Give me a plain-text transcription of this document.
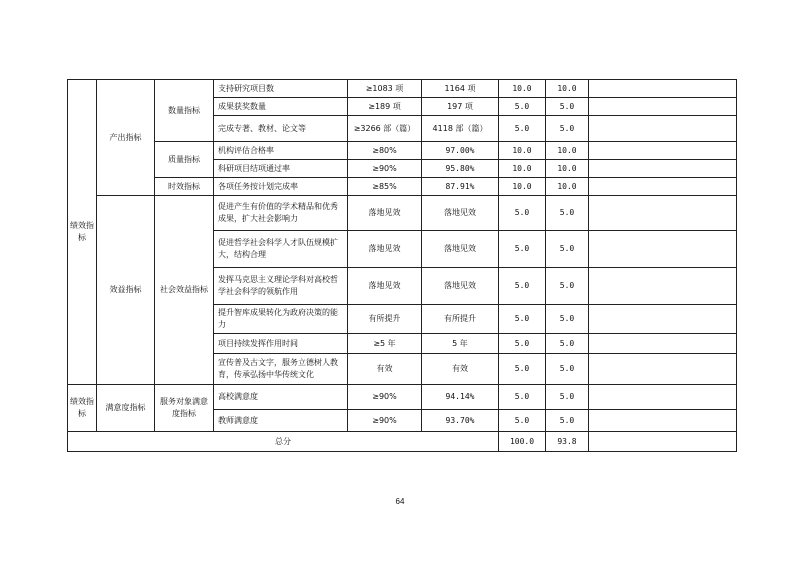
绩效指标	产出指标	数量指标	支持研究项目数	≥1083 项	1164 项	10.0	10.0	
			成果获奖数量	≥189 项	197 项	5.0	5.0	
			完成专著、教材、论文等	≥3266 部（篇）	4118 部（篇）	5.0	5.0	
		质量指标	机构评估合格率	≥80%	97.00%	10.0	10.0	
			科研项目结项通过率	≥90%	95.80%	10.0	10.0	
		时效指标	各项任务按计划完成率	≥85%	87.91%	10.0	10.0	
	效益指标	社会效益指标	促进产生有价值的学术精品和优秀成果，扩大社会影响力	落地见效	落地见效	5.0	5.0	
			促进哲学社会科学人才队伍规模扩大，结构合理	落地见效	落地见效	5.0	5.0	
			发挥马克思主义理论学科对高校哲学社会科学的领航作用	落地见效	落地见效	5.0	5.0	
			提升智库成果转化为政府决策的能力	有所提升	有所提升	5.0	5.0	
			项目持续发挥作用时间	≥5 年	5 年	5.0	5.0	
			宣传普及古文字，服务立德树人教育，传承弘扬中华传统文化	有效	有效	5.0	5.0	
绩效指标	满意度指标	服务对象满意度指标	高校满意度	≥90%	94.14%	5.0	5.0	
			教师满意度	≥90%	93.70%	5.0	5.0	
总分						100.0	93.8	
64
